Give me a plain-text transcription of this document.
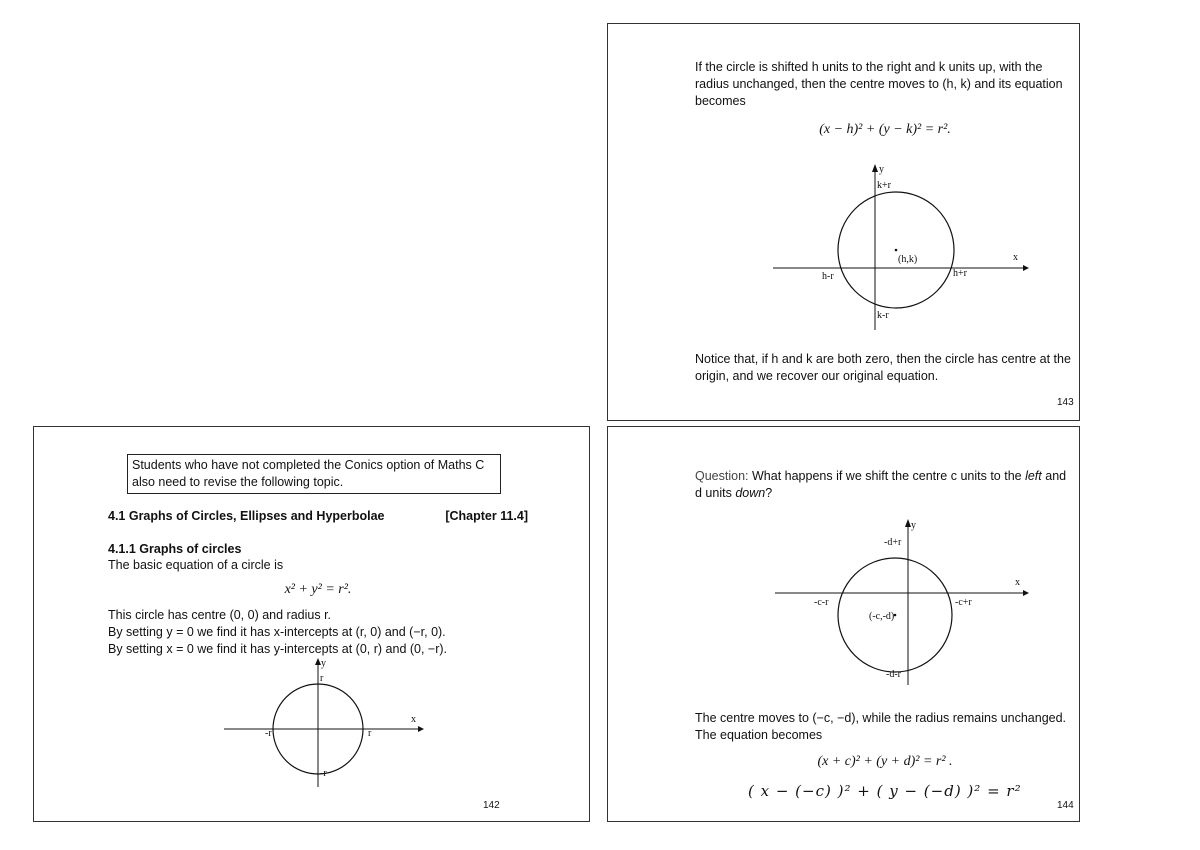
If the circle is shifted h units to the right and k units up, with the radius unchanged, then the centre moves to (h, k) and its equation becomes

(x − h)² + (y − k)² = r².
y
x
k+r
k-r
h-r	h+r
(h,k)

Notice that, if h and k are both zero, then the circle has centre at the origin, and we recover our original equation.

143
Students who have not completed the Conics option of Maths C also need to revise the following topic.
4.1 Graphs of Circles, Ellipses and Hyperbolae	[Chapter 11.4]
4.1.1 Graphs of circles

The basic equation of a circle is

x² + y² = r².

This circle has centre (0, 0) and radius r.

By setting y = 0 we find it has x-intercepts at (r, 0) and (−r, 0).

By setting x = 0 we find it has y-intercepts at (0, r) and (0, −r).

y
x
r
-r
-r	r
142

Question: What happens if we shift the centre c units to the left and

d units down?

y
x
-d+r
-d-r
-c-r	-c+r
(-c,-d)

The centre moves to (−c, −d), while the radius remains unchanged.

The equation becomes

(x + c)² + (y + d)² = r² .
( x − (−c) )² + ( y − (−d) )² = r²
144
